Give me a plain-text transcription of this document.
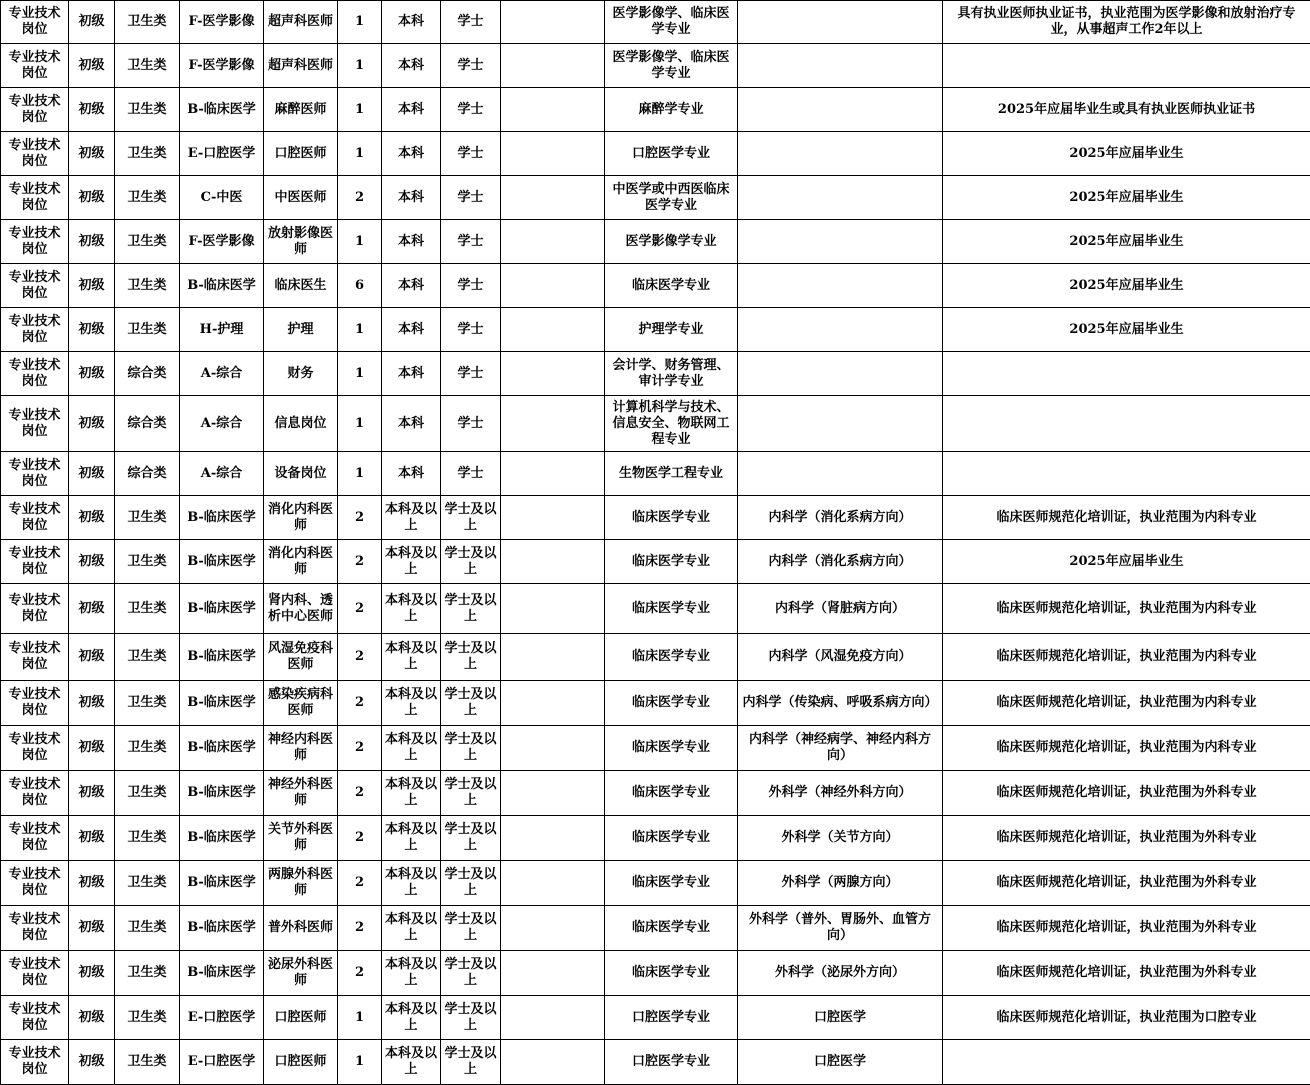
专业技术岗位	初级	卫生类	F-医学影像	超声科医师	1	本科	学士		医学影像学、临床医学专业		具有执业医师执业证书，执业范围为医学影像和放射治疗专业，从事超声工作2年以上
专业技术岗位	初级	卫生类	F-医学影像	超声科医师	1	本科	学士		医学影像学、临床医学专业		
专业技术岗位	初级	卫生类	B-临床医学	麻醉医师	1	本科	学士		麻醉学专业		2025年应届毕业生或具有执业医师执业证书
专业技术岗位	初级	卫生类	E-口腔医学	口腔医师	1	本科	学士		口腔医学专业		2025年应届毕业生
专业技术岗位	初级	卫生类	C-中医	中医医师	2	本科	学士		中医学或中西医临床医学专业		2025年应届毕业生
专业技术岗位	初级	卫生类	F-医学影像	放射影像医师	1	本科	学士		医学影像学专业		2025年应届毕业生
专业技术岗位	初级	卫生类	B-临床医学	临床医生	6	本科	学士		临床医学专业		2025年应届毕业生
专业技术岗位	初级	卫生类	H-护理	护理	1	本科	学士		护理学专业		2025年应届毕业生
专业技术岗位	初级	综合类	A-综合	财务	1	本科	学士		会计学、财务管理、审计学专业		
专业技术岗位	初级	综合类	A-综合	信息岗位	1	本科	学士		计算机科学与技术、信息安全、物联网工程专业		
专业技术岗位	初级	综合类	A-综合	设备岗位	1	本科	学士		生物医学工程专业		
专业技术岗位	初级	卫生类	B-临床医学	消化内科医师	2	本科及以上	学士及以上		临床医学专业	内科学（消化系病方向）	临床医师规范化培训证，执业范围为内科专业
专业技术岗位	初级	卫生类	B-临床医学	消化内科医师	2	本科及以上	学士及以上		临床医学专业	内科学（消化系病方向）	2025年应届毕业生
专业技术岗位	初级	卫生类	B-临床医学	肾内科、透析中心医师	2	本科及以上	学士及以上		临床医学专业	内科学（肾脏病方向）	临床医师规范化培训证，执业范围为内科专业
专业技术岗位	初级	卫生类	B-临床医学	风湿免疫科医师	2	本科及以上	学士及以上		临床医学专业	内科学（风湿免疫方向）	临床医师规范化培训证，执业范围为内科专业
专业技术岗位	初级	卫生类	B-临床医学	感染疾病科医师	2	本科及以上	学士及以上		临床医学专业	内科学（传染病、呼吸系病方向）	临床医师规范化培训证，执业范围为内科专业
专业技术岗位	初级	卫生类	B-临床医学	神经内科医师	2	本科及以上	学士及以上		临床医学专业	内科学（神经病学、神经内科方向）	临床医师规范化培训证，执业范围为内科专业
专业技术岗位	初级	卫生类	B-临床医学	神经外科医师	2	本科及以上	学士及以上		临床医学专业	外科学（神经外科方向）	临床医师规范化培训证，执业范围为外科专业
专业技术岗位	初级	卫生类	B-临床医学	关节外科医师	2	本科及以上	学士及以上		临床医学专业	外科学（关节方向）	临床医师规范化培训证，执业范围为外科专业
专业技术岗位	初级	卫生类	B-临床医学	两腺外科医师	2	本科及以上	学士及以上		临床医学专业	外科学（两腺方向）	临床医师规范化培训证，执业范围为外科专业
专业技术岗位	初级	卫生类	B-临床医学	普外科医师	2	本科及以上	学士及以上		临床医学专业	外科学（普外、胃肠外、血管方向）	临床医师规范化培训证，执业范围为外科专业
专业技术岗位	初级	卫生类	B-临床医学	泌尿外科医师	2	本科及以上	学士及以上		临床医学专业	外科学（泌尿外方向）	临床医师规范化培训证，执业范围为外科专业
专业技术岗位	初级	卫生类	E-口腔医学	口腔医师	1	本科及以上	学士及以上		口腔医学专业	口腔医学	临床医师规范化培训证，执业范围为口腔专业
专业技术岗位	初级	卫生类	E-口腔医学	口腔医师	1	本科及以上	学士及以上		口腔医学专业	口腔医学	
